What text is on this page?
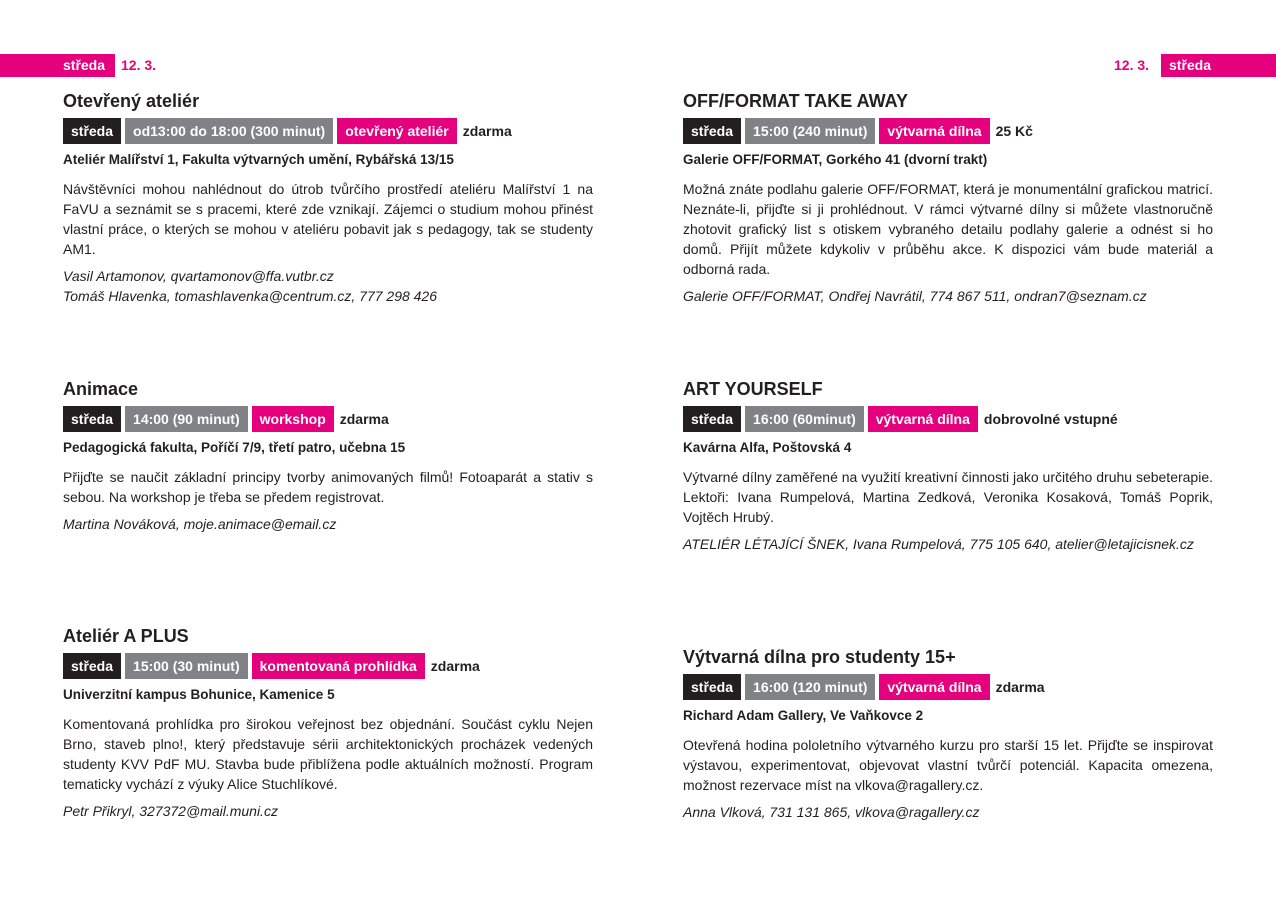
středa 12. 3.	12. 3. středa
Otevřený ateliér
středa	od13:00 do 18:00 (300 minut)	otevřený ateliér	zdarma
Ateliér Malířství 1, Fakulta výtvarných umění, Rybářská 13/15
Návštěvníci mohou nahlédnout do útrob tvůrčího prostředí ateliéru Malířství 1 na FaVU a seznámit se s pracemi, které zde vznikají. Zájemci o studium mohou přinést vlastní práce, o kterých se mohou v ateliéru pobavit jak s pedagogy, tak se studenty AM1.
Vasil Artamonov, qvartamonov@ffa.vutbr.cz
Tomáš Hlavenka, tomashlavenka@centrum.cz, 777 298 426
OFF/FORMAT TAKE AWAY
středa	15:00 (240 minut)	výtvarná dílna	25 Kč
Galerie OFF/FORMAT, Gorkého 41 (dvorní trakt)
Možná znáte podlahu galerie OFF/FORMAT, která je monumentální grafickou matricí. Neznáte-li, přijďte si ji prohlédnout. V rámci výtvarné dílny si můžete vlastnoručně zhotovit grafický list s otiskem vybraného detailu podlahy galerie a odnést si ho domů. Přijít můžete kdykoliv v průběhu akce. K dispozici vám bude materiál a odborná rada.
Galerie OFF/FORMAT, Ondřej Navrátil, 774 867 511, ondran7@seznam.cz
Animace
středa	14:00 (90 minut)	workshop	zdarma
Pedagogická fakulta, Poříčí 7/9, třetí patro, učebna 15
Přijďte se naučit základní principy tvorby animovaných filmů! Fotoaparát a stativ s sebou. Na workshop je třeba se předem registrovat.
Martina Nováková, moje.animace@email.cz
ART YOURSELF
středa	16:00 (60minut)	výtvarná dílna	dobrovolné vstupné
Kavárna Alfa, Poštovská 4
Výtvarné dílny zaměřené na využití kreativní činnosti jako určitého druhu sebeterapie. Lektoři: Ivana Rumpelová, Martina Zedková, Veronika Kosaková, Tomáš Poprik, Vojtěch Hrubý.
ATELIÉR LÉTAJÍCÍ ŠNEK, Ivana Rumpelová, 775 105 640, atelier@letajicisnek.cz
Ateliér A PLUS
středa	15:00 (30 minut)	komentovaná prohlídka	zdarma
Univerzitní kampus Bohunice, Kamenice 5
Komentovaná prohlídka pro širokou veřejnost bez objednání. Součást cyklu Nejen Brno, staveb plno!, který představuje sérii architektonických procházek vedených studenty KVV PdF MU. Stavba bude přiblížena podle aktuálních možností. Program tematicky vychází z výuky Alice Stuchlíkové.
Petr Přikryl, 327372@mail.muni.cz
Výtvarná dílna pro studenty 15+
středa	16:00 (120 minut)	výtvarná dílna	zdarma
Richard Adam Gallery, Ve Vaňkovce 2
Otevřená hodina pololetního výtvarného kurzu pro starší 15 let. Přijďte se inspirovat výstavou, experimentovat, objevovat vlastní tvůrčí potenciál. Kapacita omezena, možnost rezervace míst na vlkova@ragallery.cz.
Anna Vlková, 731 131 865, vlkova@ragallery.cz
